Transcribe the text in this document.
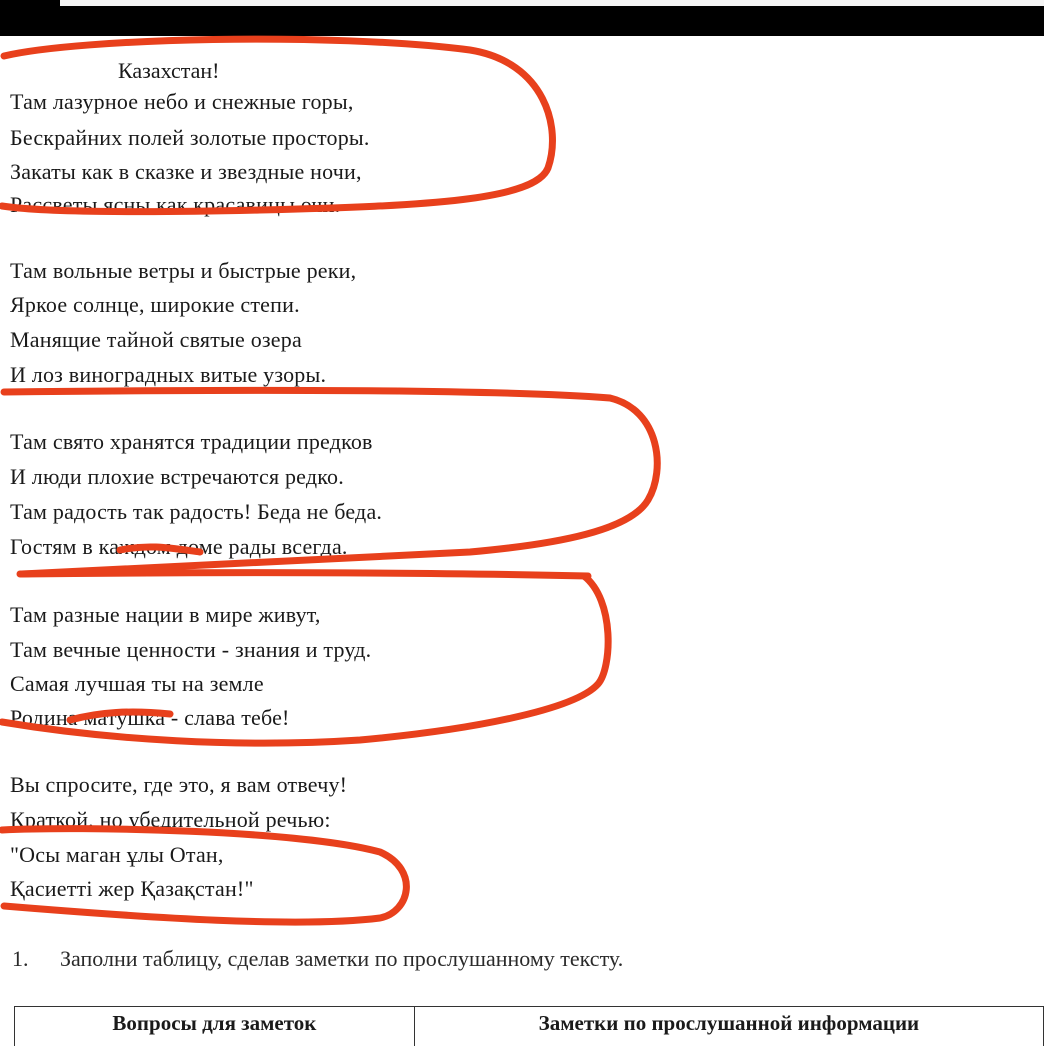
Казахстан!
Там лазурное небо и снежные горы,
Бескрайних полей золотые просторы.
Закаты как в сказке и звездные ночи,
Рассветы ясны как красавицы очи.
Там вольные ветры и быстрые реки,
Яркое солнце, широкие степи.
Манящие тайной святые озера
И лоз виноградных витые узоры.
Там свято хранятся традиции предков
И люди плохие встречаются редко.
Там радость так радость! Беда не беда.
Гостям в каждом доме рады всегда.
Там разные нации в мире живут,
Там вечные ценности - знания и труд.
Самая лучшая ты на земле
Родина матушка - слава тебе!
Вы спросите, где это, я вам отвечу!
Краткой, но убедительной речью:
"Осы маган ұлы Отан,
Қасиетті жер Қазақстан!"
1. Заполни таблицу, сделав заметки по прослушанному тексту.
Вопросы для заметок	Заметки по прослушанной информации
